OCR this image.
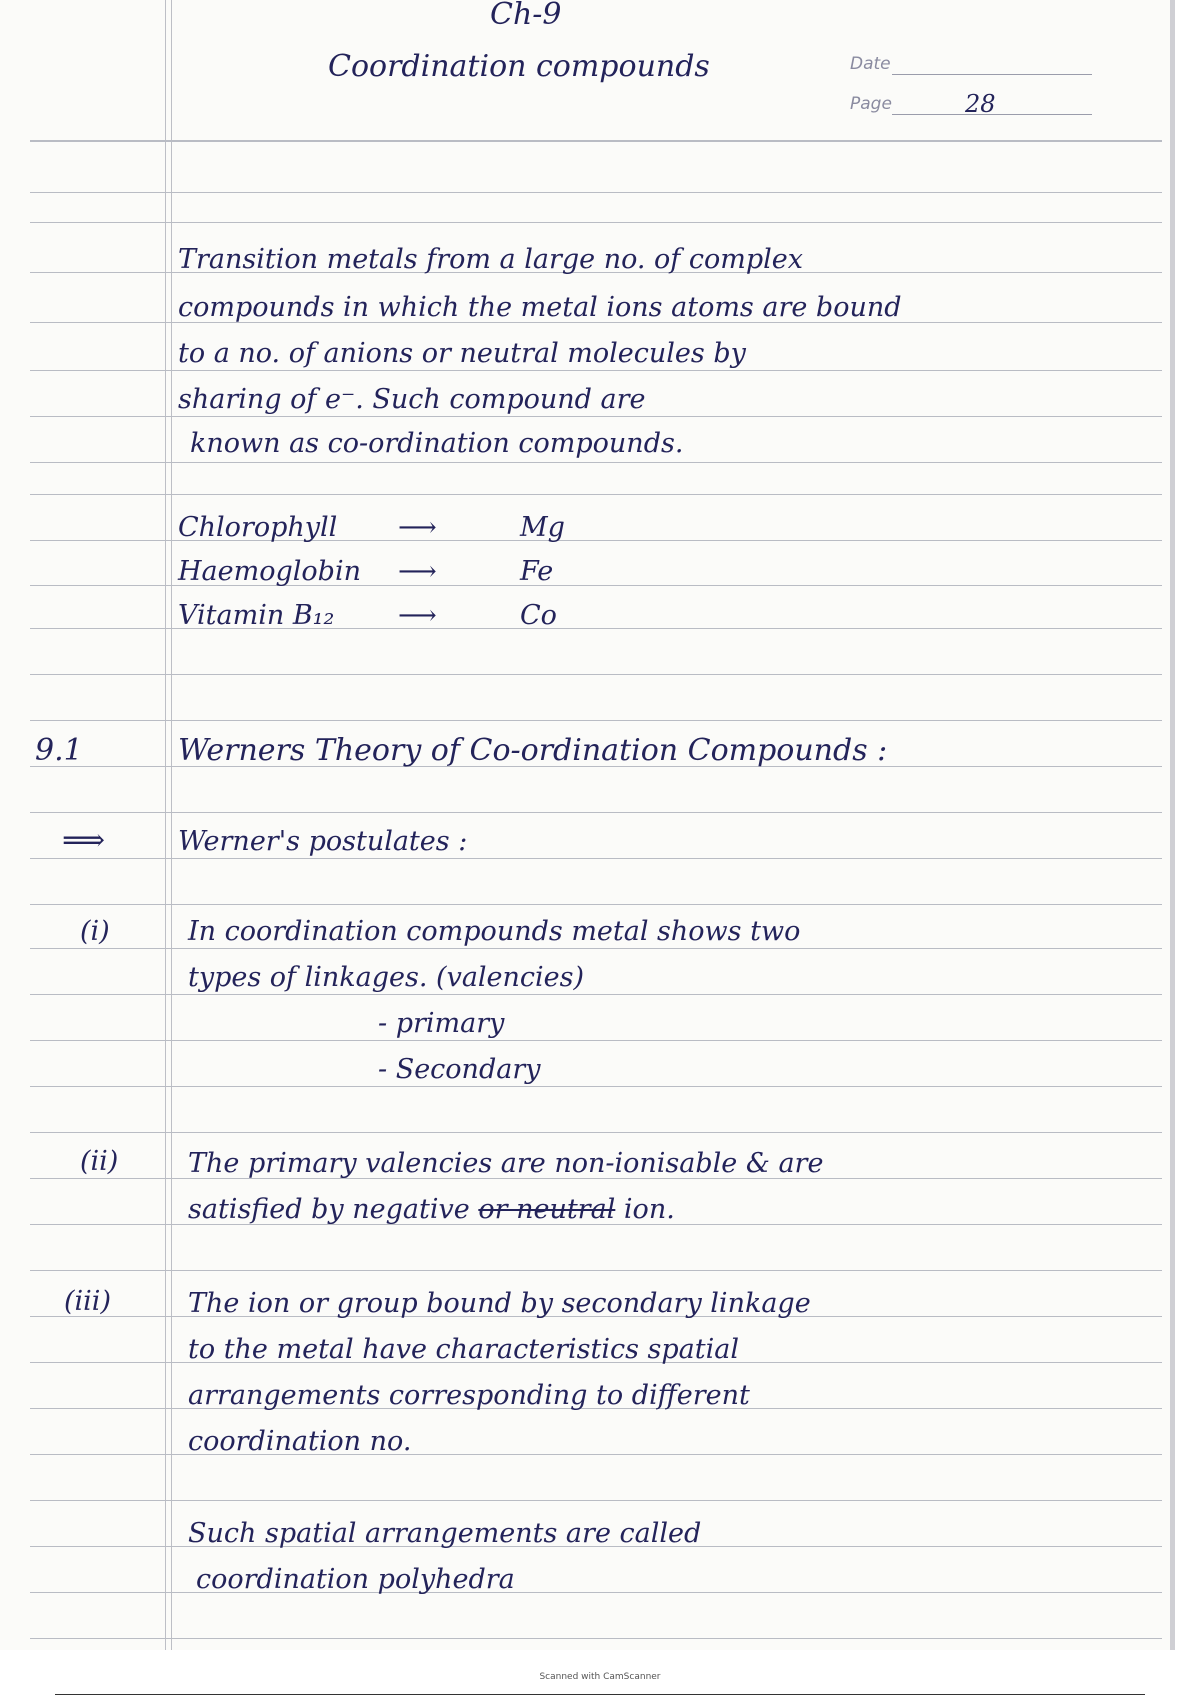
Ch-9
Coordination compounds	Date
Page	28
Transition metals from a large no. of complex
compounds in which the metal ions atoms are bound
to a no. of anions or neutral molecules by
sharing of e⁻. Such compound are
known as co-ordination compounds.
Chlorophyll ⟶	Mg
Haemoglobin ⟶	Fe
Vitamin B₁₂ ⟶	Co
9.1	Werners Theory of Co-ordination Compounds :
⟹	Werner's postulates :
(i)	In coordination compounds metal shows two
types of linkages. (valencies)
- primary
- Secondary
(ii)	The primary valencies are non-ionisable & are
satisfied by negative or neutral ion.
(iii)	The ion or group bound by secondary linkage
to the metal have characteristics spatial
arrangements corresponding to different
coordination no.
Such spatial arrangements are called
coordination polyhedra
Scanned with CamScanner
